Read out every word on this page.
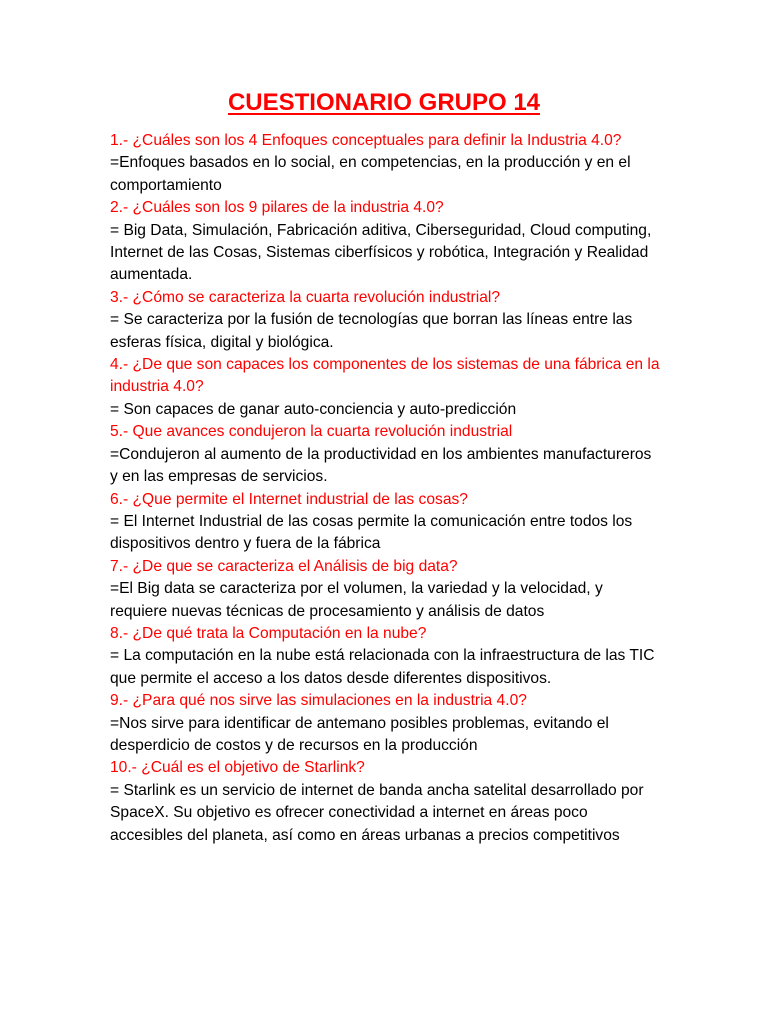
CUESTIONARIO GRUPO 14

1.- ¿Cuáles son los 4 Enfoques conceptuales para definir la Industria 4.0?

=Enfoques basados en lo social, en competencias, en la producción y en el comportamiento

2.- ¿Cuáles son los 9 pilares de la industria 4.0?

= Big Data, Simulación, Fabricación aditiva, Ciberseguridad, Cloud computing, Internet de las Cosas, Sistemas ciberfísicos y robótica, Integración y Realidad aumentada.

3.- ¿Cómo se caracteriza la cuarta revolución industrial?

= Se caracteriza por la fusión de tecnologías que borran las líneas entre las esferas física, digital y biológica.

4.- ¿De que son capaces los componentes de los sistemas de una fábrica en la industria 4.0?

= Son capaces de ganar auto-conciencia y auto-predicción

5.- Que avances condujeron la cuarta revolución industrial

=Condujeron al aumento de la productividad en los ambientes manufactureros y en las empresas de servicios.

6.- ¿Que permite el Internet industrial de las cosas?

= El Internet Industrial de las cosas permite la comunicación entre todos los dispositivos dentro y fuera de la fábrica

7.- ¿De que se caracteriza el Análisis de big data?

=El Big data se caracteriza por el volumen, la variedad y la velocidad, y requiere nuevas técnicas de procesamiento y análisis de datos

8.- ¿De qué trata la Computación en la nube?

= La computación en la nube está relacionada con la infraestructura de las TIC que permite el acceso a los datos desde diferentes dispositivos.

9.- ¿Para qué nos sirve las simulaciones en la industria 4.0?

=Nos sirve para identificar de antemano posibles problemas, evitando el desperdicio de costos y de recursos en la producción

10.- ¿Cuál es el objetivo de Starlink?

= Starlink es un servicio de internet de banda ancha satelital desarrollado por SpaceX. Su objetivo es ofrecer conectividad a internet en áreas poco accesibles del planeta, así como en áreas urbanas a precios competitivos
